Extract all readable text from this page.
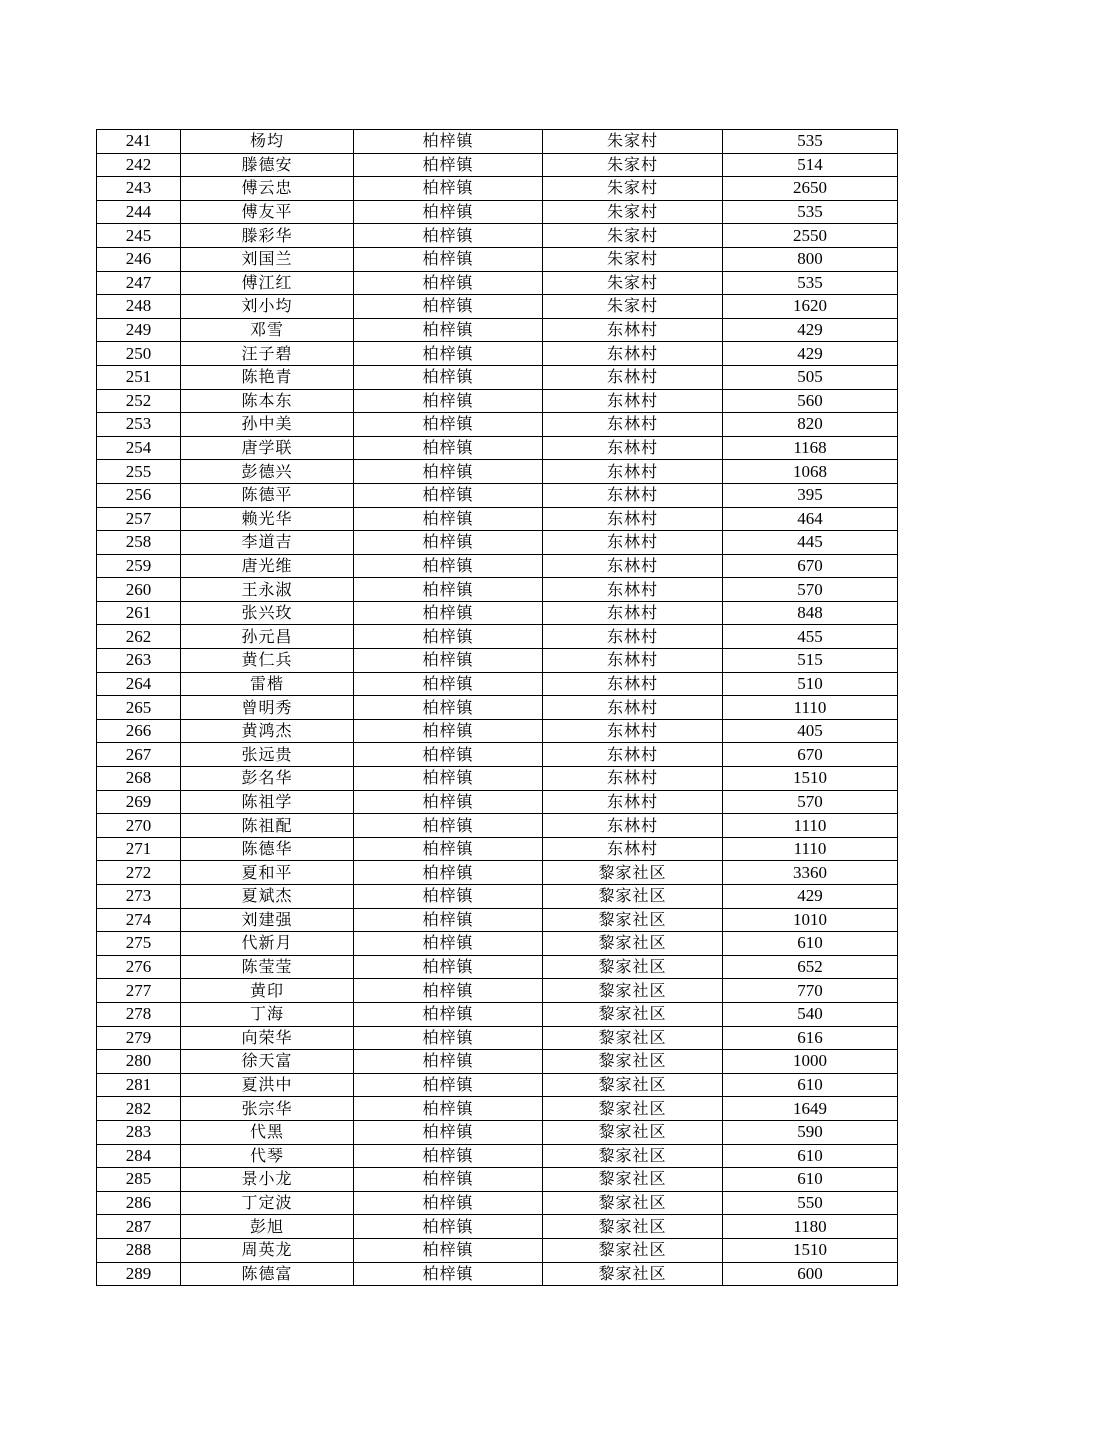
241	杨均	柏梓镇	朱家村	535
242	滕德安	柏梓镇	朱家村	514
243	傅云忠	柏梓镇	朱家村	2650
244	傅友平	柏梓镇	朱家村	535
245	滕彩华	柏梓镇	朱家村	2550
246	刘国兰	柏梓镇	朱家村	800
247	傅江红	柏梓镇	朱家村	535
248	刘小均	柏梓镇	朱家村	1620
249	邓雪	柏梓镇	东林村	429
250	汪子碧	柏梓镇	东林村	429
251	陈艳青	柏梓镇	东林村	505
252	陈本东	柏梓镇	东林村	560
253	孙中美	柏梓镇	东林村	820
254	唐学联	柏梓镇	东林村	1168
255	彭德兴	柏梓镇	东林村	1068
256	陈德平	柏梓镇	东林村	395
257	赖光华	柏梓镇	东林村	464
258	李道吉	柏梓镇	东林村	445
259	唐光维	柏梓镇	东林村	670
260	王永淑	柏梓镇	东林村	570
261	张兴玫	柏梓镇	东林村	848
262	孙元昌	柏梓镇	东林村	455
263	黄仁兵	柏梓镇	东林村	515
264	雷楷	柏梓镇	东林村	510
265	曾明秀	柏梓镇	东林村	1110
266	黄鸿杰	柏梓镇	东林村	405
267	张远贵	柏梓镇	东林村	670
268	彭名华	柏梓镇	东林村	1510
269	陈祖学	柏梓镇	东林村	570
270	陈祖配	柏梓镇	东林村	1110
271	陈德华	柏梓镇	东林村	1110
272	夏和平	柏梓镇	黎家社区	3360
273	夏斌杰	柏梓镇	黎家社区	429
274	刘建强	柏梓镇	黎家社区	1010
275	代新月	柏梓镇	黎家社区	610
276	陈莹莹	柏梓镇	黎家社区	652
277	黄印	柏梓镇	黎家社区	770
278	丁海	柏梓镇	黎家社区	540
279	向荣华	柏梓镇	黎家社区	616
280	徐天富	柏梓镇	黎家社区	1000
281	夏洪中	柏梓镇	黎家社区	610
282	张宗华	柏梓镇	黎家社区	1649
283	代黑	柏梓镇	黎家社区	590
284	代琴	柏梓镇	黎家社区	610
285	景小龙	柏梓镇	黎家社区	610
286	丁定波	柏梓镇	黎家社区	550
287	彭旭	柏梓镇	黎家社区	1180
288	周英龙	柏梓镇	黎家社区	1510
289	陈德富	柏梓镇	黎家社区	600
